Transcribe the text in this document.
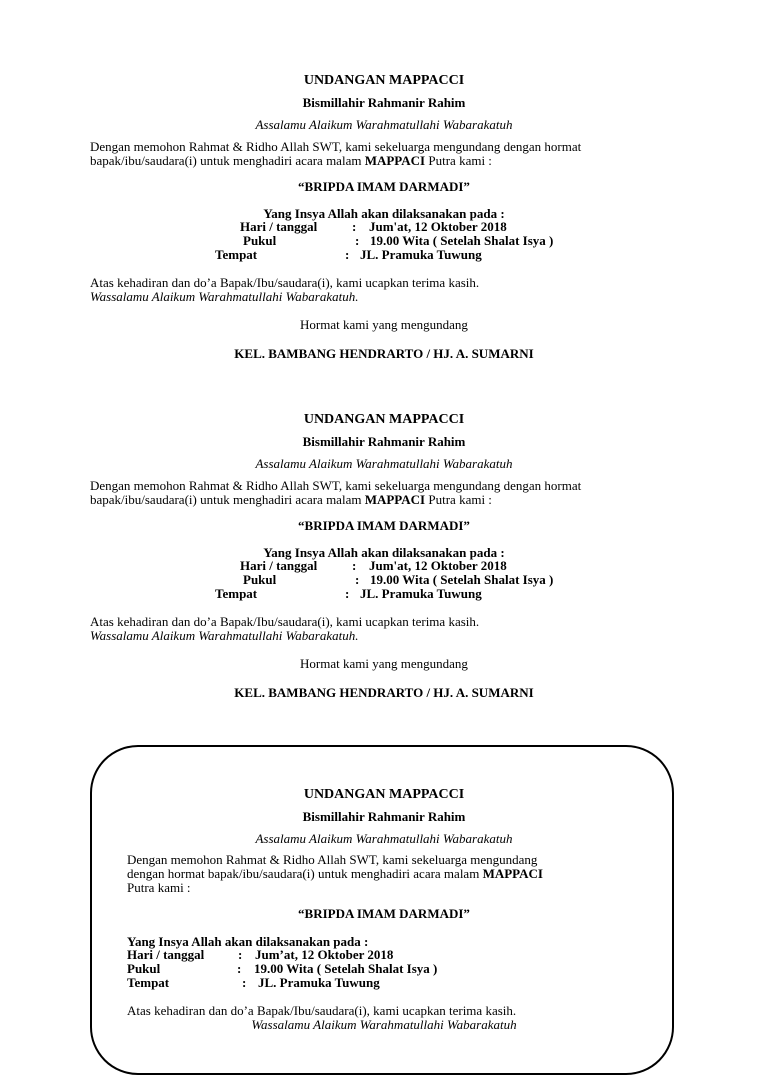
UNDANGAN MAPPACCI
Bismillahir Rahmanir Rahim
Assalamu Alaikum Warahmatullahi Wabarakatuh
Dengan memohon Rahmat & Ridho Allah SWT, kami sekeluarga mengundang dengan hormat
bapak/ibu/saudara(i) untuk menghadiri acara malam MAPPACI Putra kami :
“BRIPDA IMAM DARMADI”
Yang Insya Allah akan dilaksanakan pada :
Hari / tanggal	: Jum'at, 12 Oktober 2018
Pukul	: 19.00 Wita ( Setelah Shalat Isya )
Tempat	: JL. Pramuka Tuwung
Atas kehadiran dan do’a Bapak/Ibu/saudara(i), kami ucapkan terima kasih.
Wassalamu Alaikum Warahmatullahi Wabarakatuh.
Hormat kami yang mengundang
KEL. BAMBANG HENDRARTO / HJ. A. SUMARNI
UNDANGAN MAPPACCI
Bismillahir Rahmanir Rahim
Assalamu Alaikum Warahmatullahi Wabarakatuh
Dengan memohon Rahmat & Ridho Allah SWT, kami sekeluarga mengundang dengan hormat
bapak/ibu/saudara(i) untuk menghadiri acara malam MAPPACI Putra kami :
“BRIPDA IMAM DARMADI”
Yang Insya Allah akan dilaksanakan pada :
Hari / tanggal	: Jum'at, 12 Oktober 2018
Pukul	: 19.00 Wita ( Setelah Shalat Isya )
Tempat	: JL. Pramuka Tuwung
Atas kehadiran dan do’a Bapak/Ibu/saudara(i), kami ucapkan terima kasih.
Wassalamu Alaikum Warahmatullahi Wabarakatuh.
Hormat kami yang mengundang
KEL. BAMBANG HENDRARTO / HJ. A. SUMARNI
UNDANGAN MAPPACCI
Bismillahir Rahmanir Rahim
Assalamu Alaikum Warahmatullahi Wabarakatuh
Dengan memohon Rahmat & Ridho Allah SWT, kami sekeluarga mengundang
dengan hormat bapak/ibu/saudara(i) untuk menghadiri acara malam MAPPACI
Putra kami :
“BRIPDA IMAM DARMADI”
Yang Insya Allah akan dilaksanakan pada :
Hari / tanggal	: Jum’at, 12 Oktober 2018
Pukul	: 19.00 Wita ( Setelah Shalat Isya )
Tempat	: JL. Pramuka Tuwung
Atas kehadiran dan do’a Bapak/Ibu/saudara(i), kami ucapkan terima kasih.
Wassalamu Alaikum Warahmatullahi Wabarakatuh
